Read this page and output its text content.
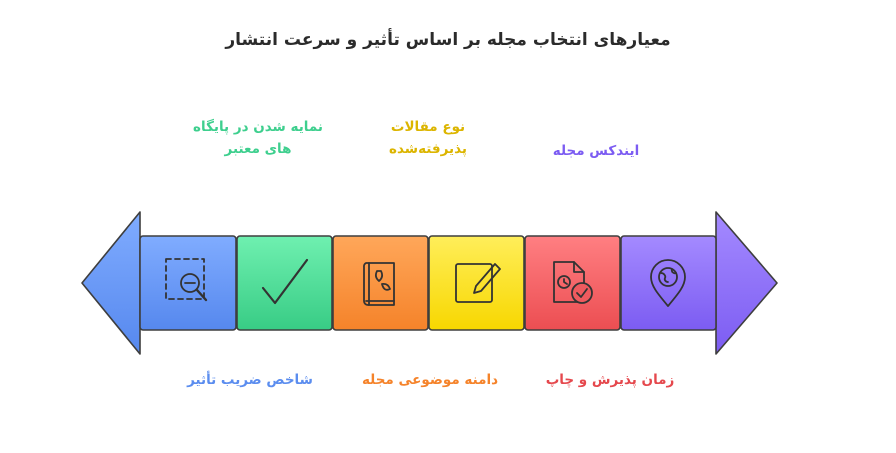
معیارهای انتخاب مجله بر اساس تأثیر و سرعت انتشار
نمایه شدن در پایگاه
های معتبر
نوع مقالات
پذیرفته‌شده	ایندکس مجله
شاخص ضریب تأثیر	دامنه موضوعی مجله	زمان پذیرش و چاپ
